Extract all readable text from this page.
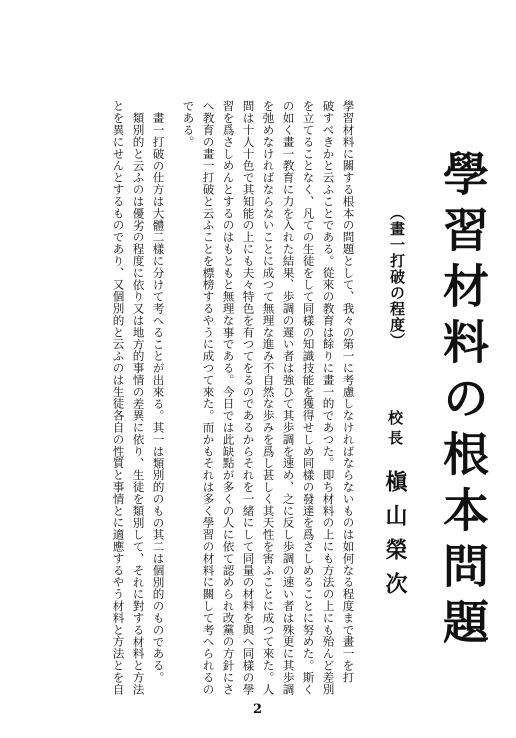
學習材料の根本問題
（畫一打破の程度）
校長
槇山榮次
學習材料に關する根本の問題として、我々の第一に考慮しなければならないものは如何なる程度まで畫一を打
破すべきかと云ふことである。從來の教育は餘りに畫一的であつた。即ち材料の上にも方法の上にも殆んど差別
を立てることなく、凡ての生徒をして同樣の知識技能を獲得せしめ同樣の發達を爲さしめることに努めた。斯く
の如く畫一教育に力を入れた結果、歩調の遲い者は強ひて其歩調を速め、之に反し歩調の速い者は殊更に其歩調
を弛めなければならないことに成つて無理な進み不自然な歩みを爲し甚しく其天性を害ふことに成つて來た。人
間は十人十色で其知能の上にも夫々特色を有つてをるのであるからそれを一緒にして同量の材料を與へ同樣の學
習を爲さしめんとするのはもともと無理な事である。今日では此缺點が多くの人に依て認められ改黨の方針にさ
へ教育の畫一打破と云ふことを標榜するやうに成つて來た。而かもそれは多く學習の材料に關して考へられるの
である。
畫一打破の仕方は大體二樣に分けて考へることが出來る。其一は類別的のもの其二は個別的のものである。
類別的と云ふのは優劣の程度に依り又は地方的事情の差異に依り、生徒を類別して、それに對する材料と方法
とを異にせんとするものであり、又個別的と云ふのは生徒各自の性質と事情とに適應するやう材料と方法とを自
2
